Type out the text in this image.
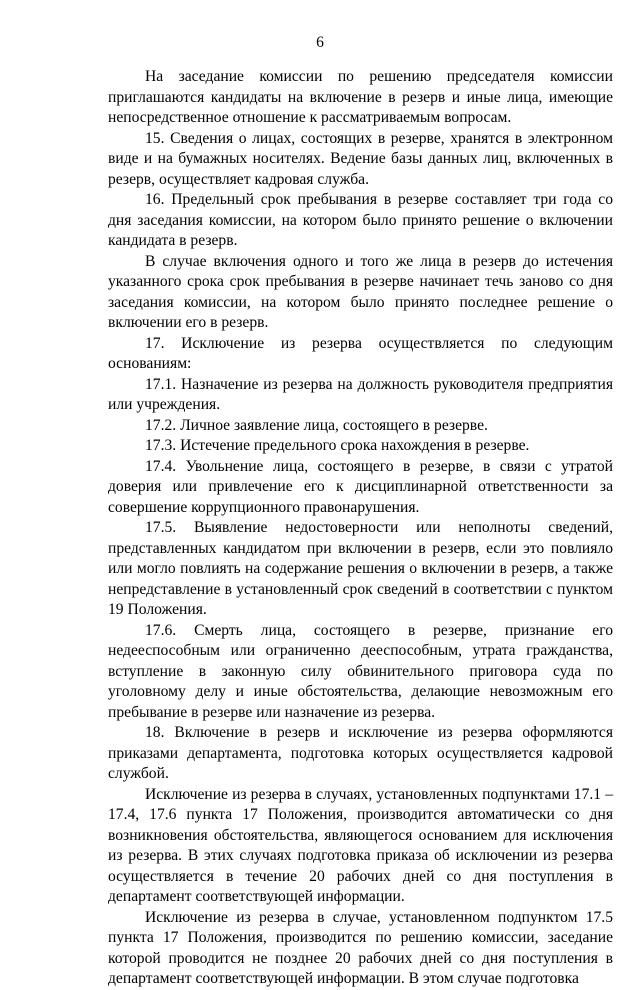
6

На заседание комиссии по решению председателя комиссии приглашаются кандидаты на включение в резерв и иные лица, имеющие непосредственное отношение к рассматриваемым вопросам.

15. Сведения о лицах, состоящих в резерве, хранятся в электронном виде и на бумажных носителях. Ведение базы данных лиц, включенных в резерв, осуществляет кадровая служба.

16. Предельный срок пребывания в резерве составляет три года со дня заседания комиссии, на котором было принято решение о включении кандидата в резерв.

В случае включения одного и того же лица в резерв до истечения указанного срока срок пребывания в резерве начинает течь заново со дня заседания комиссии, на котором было принято последнее решение о включении его в резерв.

17. Исключение из резерва осуществляется по следующим основаниям:

17.1. Назначение из резерва на должность руководителя предприятия или учреждения.

17.2. Личное заявление лица, состоящего в резерве.

17.3. Истечение предельного срока нахождения в резерве.

17.4. Увольнение лица, состоящего в резерве, в связи с утратой доверия или привлечение его к дисциплинарной ответственности за совершение коррупционного правонарушения.

17.5. Выявление недостоверности или неполноты сведений, представленных кандидатом при включении в резерв, если это повлияло или могло повлиять на содержание решения о включении в резерв, а также непредставление в установленный срок сведений в соответствии с пунктом 19 Положения.

17.6. Смерть лица, состоящего в резерве, признание его недееспособным или ограниченно дееспособным, утрата гражданства, вступление в законную силу обвинительного приговора суда по уголовному делу и иные обстоятельства, делающие невозможным его пребывание в резерве или назначение из резерва.

18. Включение в резерв и исключение из резерва оформляются приказами департамента, подготовка которых осуществляется кадровой службой.

Исключение из резерва в случаях, установленных подпунктами 17.1 – 17.4, 17.6 пункта 17 Положения, производится автоматически со дня возникновения обстоятельства, являющегося основанием для исключения из резерва. В этих случаях подготовка приказа об исключении из резерва осуществляется в течение 20 рабочих дней со дня поступления в департамент соответствующей информации.

Исключение из резерва в случае, установленном подпунктом 17.5 пункта 17 Положения, производится по решению комиссии, заседание которой проводится не позднее 20 рабочих дней со дня поступления в департамент соответствующей информации. В этом случае подготовка
